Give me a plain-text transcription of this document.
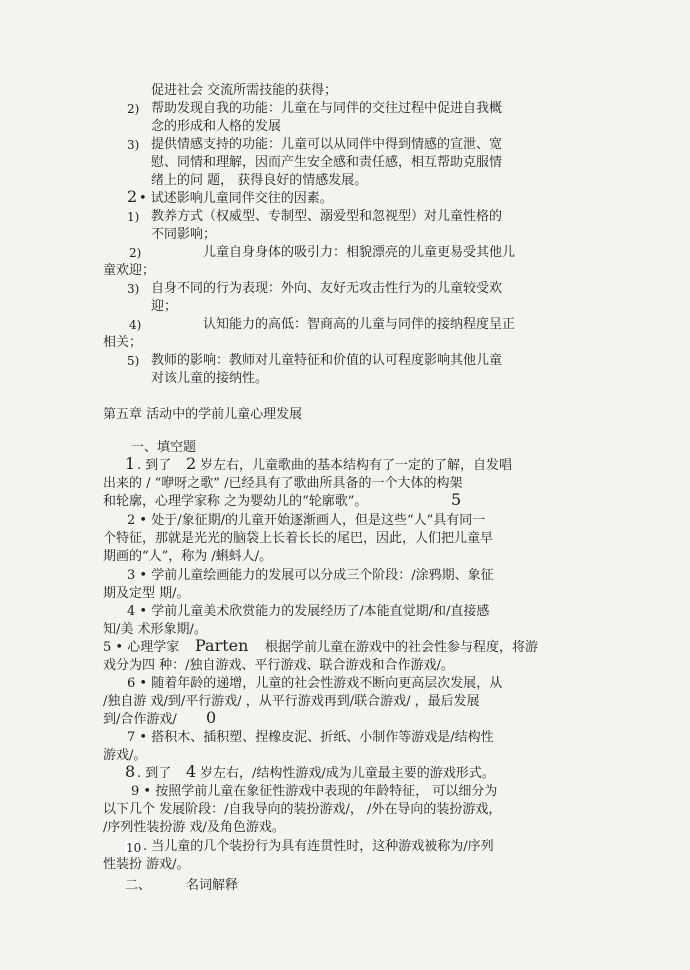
促进社会 交流所需技能的获得；
2) 帮助发现自我的功能：儿童在与同伴的交往过程中促进自我概
念的形成和人格的发展
3) 提供情感支持的功能：儿童可以从同伴中得到情感的宣泄、宽
慰、同情和理解，因而产生安全感和责任感，相互帮助克服情
绪上的问 题， 获得良好的情感发展。
2 • 试述影响儿童同伴交往的因素。
1) 教养方式（权威型、专制型、溺爱型和忽视型）对儿童性格的
不同影响；
2)	儿童自身身体的吸引力：相貌漂亮的儿童更易受其他儿
童欢迎；
3) 自身不同的行为表现：外向、友好无攻击性行为的儿童较受欢
迎；
4)	认知能力的高低：智商高的儿童与同伴的接纳程度呈正
相关；
5) 教师的影响：教师对儿童特征和价值的认可程度影响其他儿童
对该儿童的接纳性。
第五章 活动中的学前儿童心理发展
一、填空题
1 . 到了 2 岁左右，儿童歌曲的基本结构有了一定的了解，自发唱
出来的 / “咿呀之歌” /已经具有了歌曲所具备的一个大体的构架
和轮廓，心理学家称 之为婴幼儿的“轮廓歌”。	5
2 • 处于/象征期/的儿童开始逐渐画人，但是这些“人”具有同一
个特征，那就是光光的脑袋上长着长长的尾巴，因此，人们把儿童早
期画的“人”，称为 /蝌蚪人/。
3 • 学前儿童绘画能力的发展可以分成三个阶段：/涂鸦期、象征
期及定型 期/。
4 • 学前儿童美术欣赏能力的发展经历了/本能直觉期/和/直接感
知/美 术形象期/。
5 • 心理学家 Parten 根据学前儿童在游戏中的社会性参与程度，将游
戏分为四 种：/独自游戏、平行游戏、联合游戏和合作游戏/。
6 • 随着年龄的递增，儿童的社会性游戏不断向更高层次发展，从
/独自游 戏/到/平行游戏/ ，从平行游戏再到/联合游戏/ ，最后发展
到/合作游戏/ 0
7 • 搭积木、插积塑、捏橡皮泥、折纸、小制作等游戏是/结构性
游戏/。
8 . 到了 4 岁左右，/结构性游戏/成为儿童最主要的游戏形式。
9 • 按照学前儿童在象征性游戏中表现的年龄特征， 可以细分为
以下几个 发展阶段：/自我导向的装扮游戏/， /外在导向的装扮游戏，
/序列性装扮游 戏/及角色游戏。
10 . 当儿童的几个装扮行为具有连贯性时，这种游戏被称为/序列
性装扮 游戏/。
二、	名词解释
